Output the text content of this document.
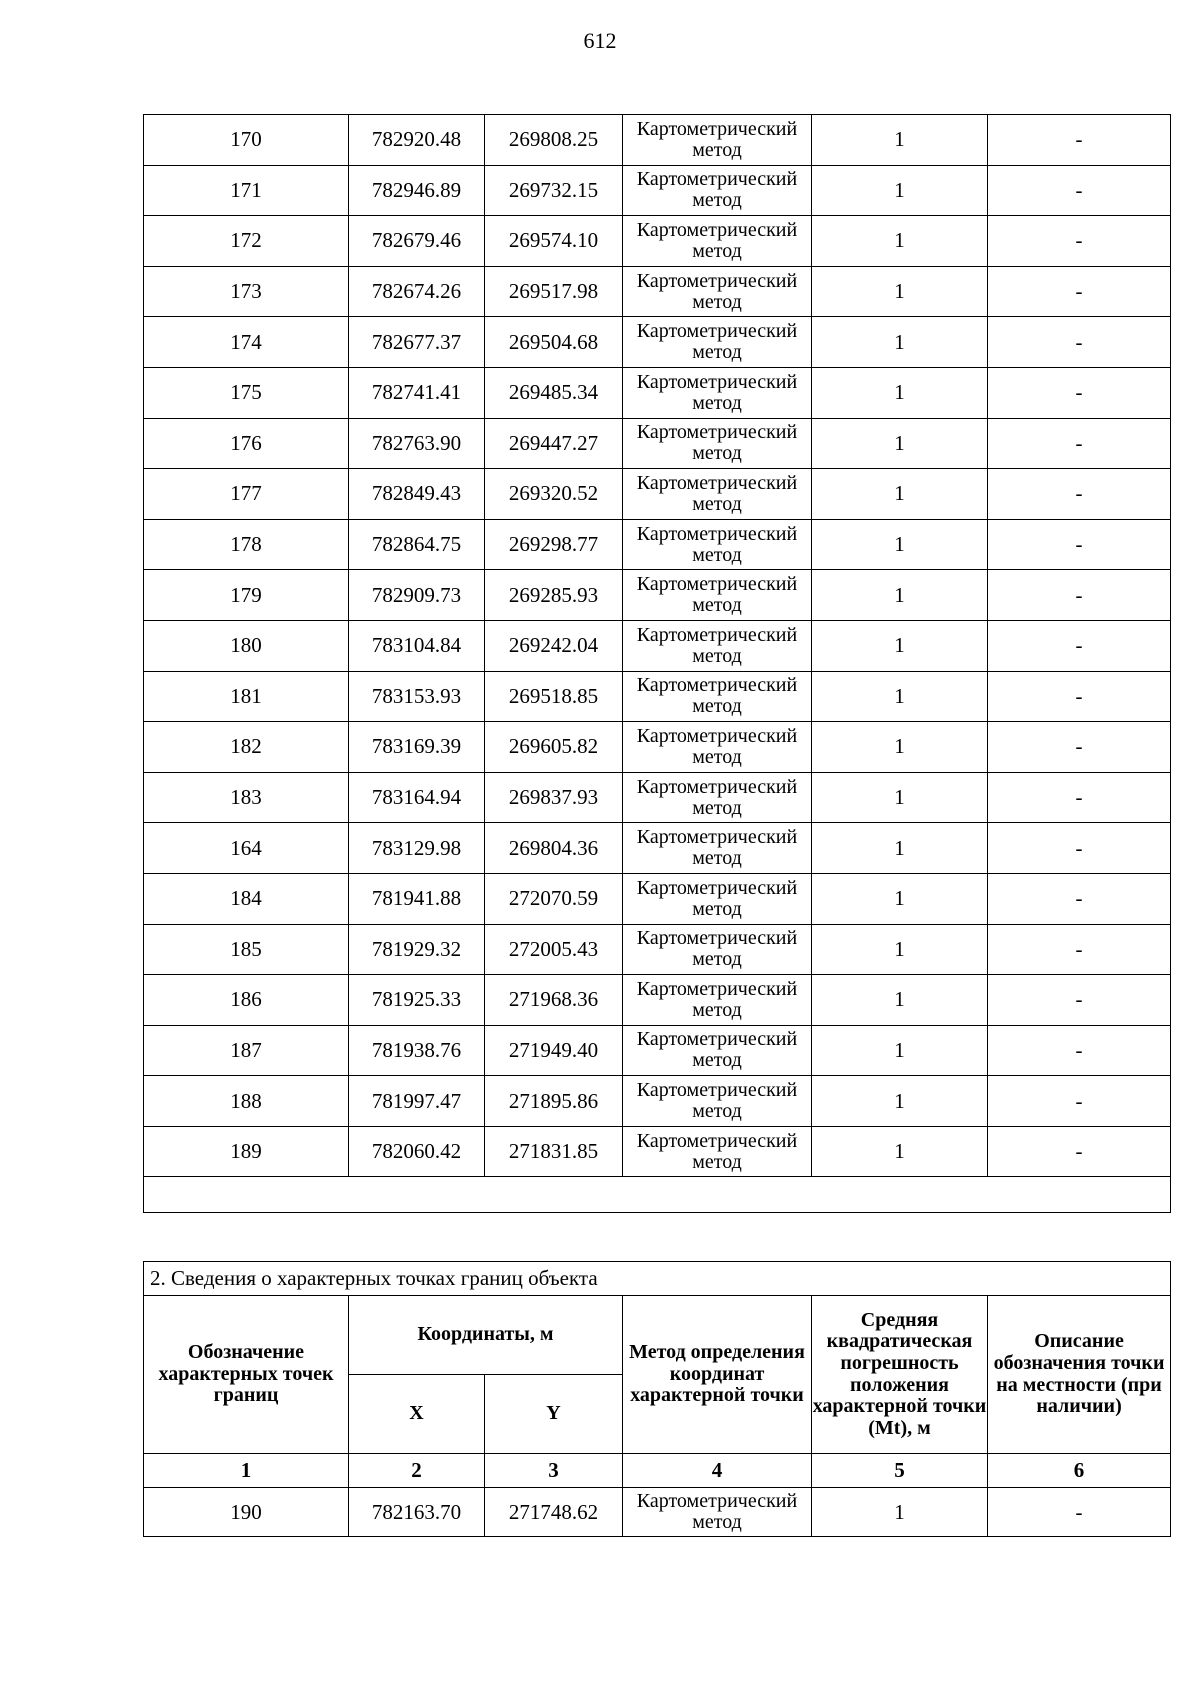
612
170	782920.48	269808.25	Картометрический метод	1	-
171	782946.89	269732.15	Картометрический метод	1	-
172	782679.46	269574.10	Картометрический метод	1	-
173	782674.26	269517.98	Картометрический метод	1	-
174	782677.37	269504.68	Картометрический метод	1	-
175	782741.41	269485.34	Картометрический метод	1	-
176	782763.90	269447.27	Картометрический метод	1	-
177	782849.43	269320.52	Картометрический метод	1	-
178	782864.75	269298.77	Картометрический метод	1	-
179	782909.73	269285.93	Картометрический метод	1	-
180	783104.84	269242.04	Картометрический метод	1	-
181	783153.93	269518.85	Картометрический метод	1	-
182	783169.39	269605.82	Картометрический метод	1	-
183	783164.94	269837.93	Картометрический метод	1	-
164	783129.98	269804.36	Картометрический метод	1	-
184	781941.88	272070.59	Картометрический метод	1	-
185	781929.32	272005.43	Картометрический метод	1	-
186	781925.33	271968.36	Картометрический метод	1	-
187	781938.76	271949.40	Картометрический метод	1	-
188	781997.47	271895.86	Картометрический метод	1	-
189	782060.42	271831.85	Картометрический метод	1	-

2. Сведения о характерных точках границ объекта					
Обозначение характерных точек границ	Координаты, м		Метод определения координат характерной точки	Средняя квадратическая погрешность положения характерной точки (Mt), м	Описание обозначения точки на местности (при наличии)
	X	Y			
1	2	3	4	5	6
190	782163.70	271748.62	Картометрический метод	1	-
